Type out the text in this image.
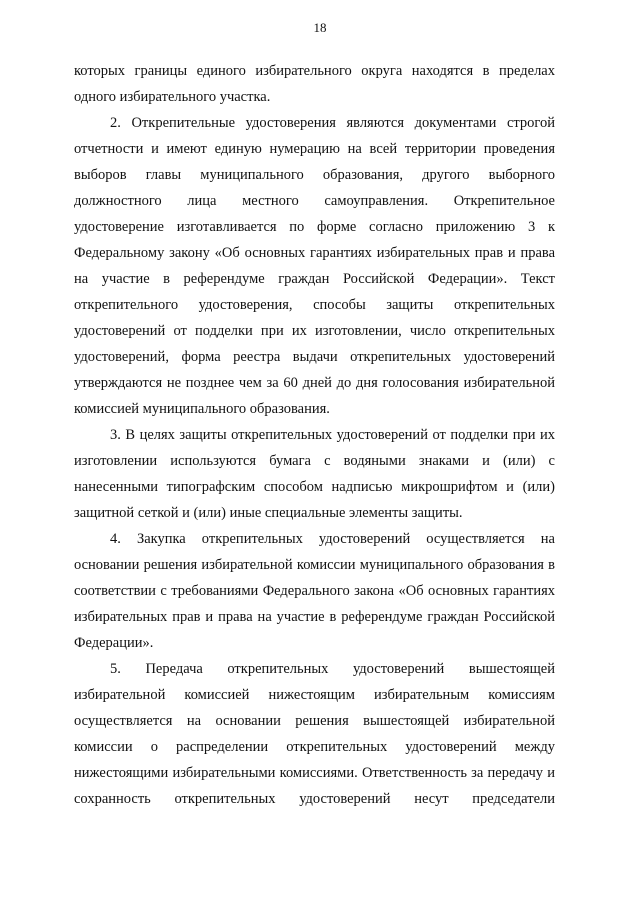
18

которых границы единого избирательного округа находятся в пределах одного избирательного участка.

2. Открепительные удостоверения являются документами строгой отчетности и имеют единую нумерацию на всей территории проведения выборов главы муниципального образования, другого выборного должностного лица местного самоуправления. Открепительное удостоверение изготавливается по форме согласно приложению 3 к Федеральному закону «Об основных гарантиях избирательных прав и права на участие в референдуме граждан Российской Федерации». Текст открепительного удостоверения, способы защиты открепительных удостоверений от подделки при их изготовлении, число открепительных удостоверений, форма реестра выдачи открепительных удостоверений утверждаются не позднее чем за 60 дней до дня голосования избирательной комиссией муниципального образования.

3. В целях защиты открепительных удостоверений от подделки при их изготовлении используются бумага с водяными знаками и (или) с нанесенными типографским способом надписью микрошрифтом и (или) защитной сеткой и (или) иные специальные элементы защиты.

4. Закупка открепительных удостоверений осуществляется на основании решения избирательной комиссии муниципального образования в соответствии с требованиями Федерального закона «Об основных гарантиях избирательных прав и права на участие в референдуме граждан Российской Федерации».

5. Передача открепительных удостоверений вышестоящей избирательной комиссией нижестоящим избирательным комиссиям осуществляется на основании решения вышестоящей избирательной комиссии о распределении открепительных удостоверений между нижестоящими избирательными комиссиями. Ответственность за передачу и сохранность открепительных удостоверений несут председатели
